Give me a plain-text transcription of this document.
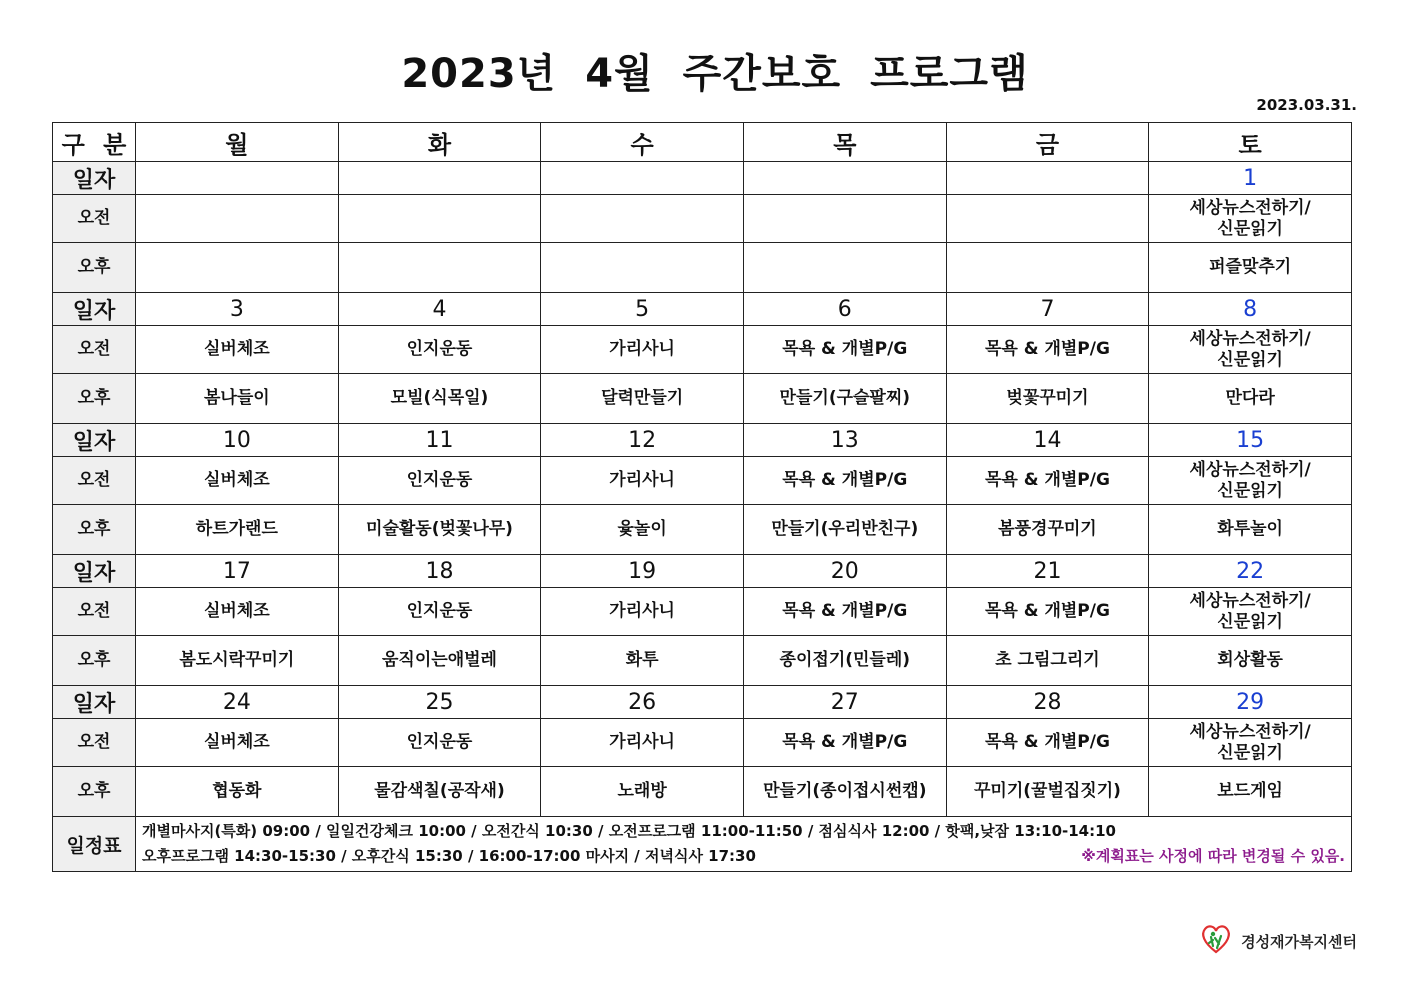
2023년 4월 주간보호 프로그램
2023.03.31.
구 분	월	화	수	목	금	토
일자						1
오전						세상뉴스전하기/
신문읽기
오후						퍼즐맞추기
일자	3	4	5	6	7	8
오전	실버체조	인지운동	가리사니	목욕 & 개별P/G	목욕 & 개별P/G	세상뉴스전하기/
신문읽기
오후	봄나들이	모빌(식목일)	달력만들기	만들기(구슬팔찌)	벚꽃꾸미기	만다라
일자	10	11	12	13	14	15
오전	실버체조	인지운동	가리사니	목욕 & 개별P/G	목욕 & 개별P/G	세상뉴스전하기/
신문읽기
오후	하트가랜드	미술활동(벚꽃나무)	윷놀이	만들기(우리반친구)	봄풍경꾸미기	화투놀이
일자	17	18	19	20	21	22
오전	실버체조	인지운동	가리사니	목욕 & 개별P/G	목욕 & 개별P/G	세상뉴스전하기/
신문읽기
오후	봄도시락꾸미기	움직이는애벌레	화투	종이접기(민들레)	초 그림그리기	회상활동
일자	24	25	26	27	28	29
오전	실버체조	인지운동	가리사니	목욕 & 개별P/G	목욕 & 개별P/G	세상뉴스전하기/
신문읽기
오후	협동화	물감색칠(공작새)	노래방	만들기(종이접시썬캡)	꾸미기(꿀벌집짓기)	보드게임
일정표	개별마사지(특화) 09:00 / 일일건강체크 10:00 / 오전간식 10:30 / 오전프로그램 11:00-11:50 / 점심식사 12:00 / 핫팩,낮잠 13:10-14:10
오후프로그램 14:30-15:30 / 오후간식 15:30 / 16:00-17:00 마사지 / 저녁식사 17:30 ※계획표는 사정에 따라 변경될 수 있음.					
경성재가복지센터
